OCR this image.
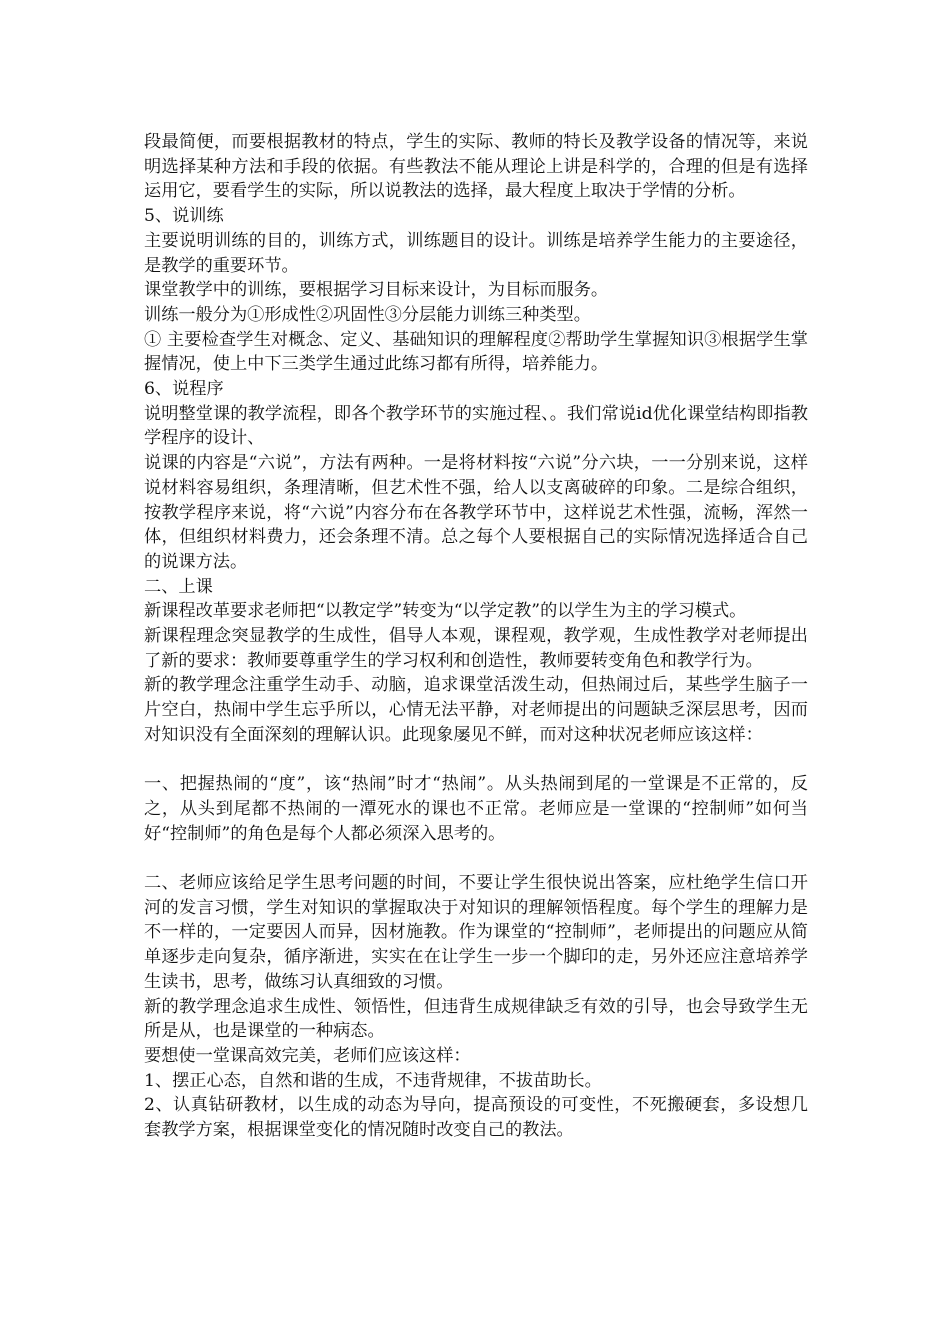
段最简便，而要根据教材的特点，学生的实际、教师的特长及教学设备的情况等，来说明选择某种方法和手段的依据。有些教法不能从理论上讲是科学的，合理的但是有选择运用它，要看学生的实际，所以说教法的选择，最大程度上取决于学情的分析。

5、说训练

主要说明训练的目的，训练方式，训练题目的设计。训练是培养学生能力的主要途径，是教学的重要环节。

课堂教学中的训练，要根据学习目标来设计，为目标而服务。

训练一般分为①形成性②巩固性③分层能力训练三种类型。

① 主要检查学生对概念、定义、基础知识的理解程度②帮助学生掌握知识③根据学生掌握情况，使上中下三类学生通过此练习都有所得，培养能力。

6、说程序

说明整堂课的教学流程，即各个教学环节的实施过程、。我们常说id优化课堂结构即指教学程序的设计、

说课的内容是“六说”，方法有两种。一是将材料按“六说”分六块，一一分别来说，这样说材料容易组织，条理清晰，但艺术性不强，给人以支离破碎的印象。二是综合组织，按教学程序来说，将“六说”内容分布在各教学环节中，这样说艺术性强，流畅，浑然一体，但组织材料费力，还会条理不清。总之每个人要根据自己的实际情况选择适合自己的说课方法。

二、上课

新课程改革要求老师把“以教定学”转变为“以学定教”的以学生为主的学习模式。

新课程理念突显教学的生成性，倡导人本观，课程观，教学观，生成性教学对老师提出了新的要求：教师要尊重学生的学习权利和创造性，教师要转变角色和教学行为。

新的教学理念注重学生动手、动脑，追求课堂活泼生动，但热闹过后，某些学生脑子一片空白，热闹中学生忘乎所以，心情无法平静，对老师提出的问题缺乏深层思考，因而对知识没有全面深刻的理解认识。此现象屡见不鲜，而对这种状况老师应该这样：

一、把握热闹的“度”，该“热闹”时才“热闹”。从头热闹到尾的一堂课是不正常的，反之，从头到尾都不热闹的一潭死水的课也不正常。老师应是一堂课的“控制师”如何当好“控制师”的角色是每个人都必须深入思考的。

二、老师应该给足学生思考问题的时间，不要让学生很快说出答案，应杜绝学生信口开河的发言习惯，学生对知识的掌握取决于对知识的理解领悟程度。每个学生的理解力是不一样的，一定要因人而异，因材施教。作为课堂的“控制师”，老师提出的问题应从简单逐步走向复杂，循序渐进，实实在在让学生一步一个脚印的走，另外还应注意培养学生读书，思考，做练习认真细致的习惯。

新的教学理念追求生成性、领悟性，但违背生成规律缺乏有效的引导，也会导致学生无所是从，也是课堂的一种病态。

要想使一堂课高效完美，老师们应该这样：

1、摆正心态，自然和谐的生成，不违背规律，不拔苗助长。

2、认真钻研教材，以生成的动态为导向，提高预设的可变性，不死搬硬套，多设想几套教学方案，根据课堂变化的情况随时改变自己的教法。
